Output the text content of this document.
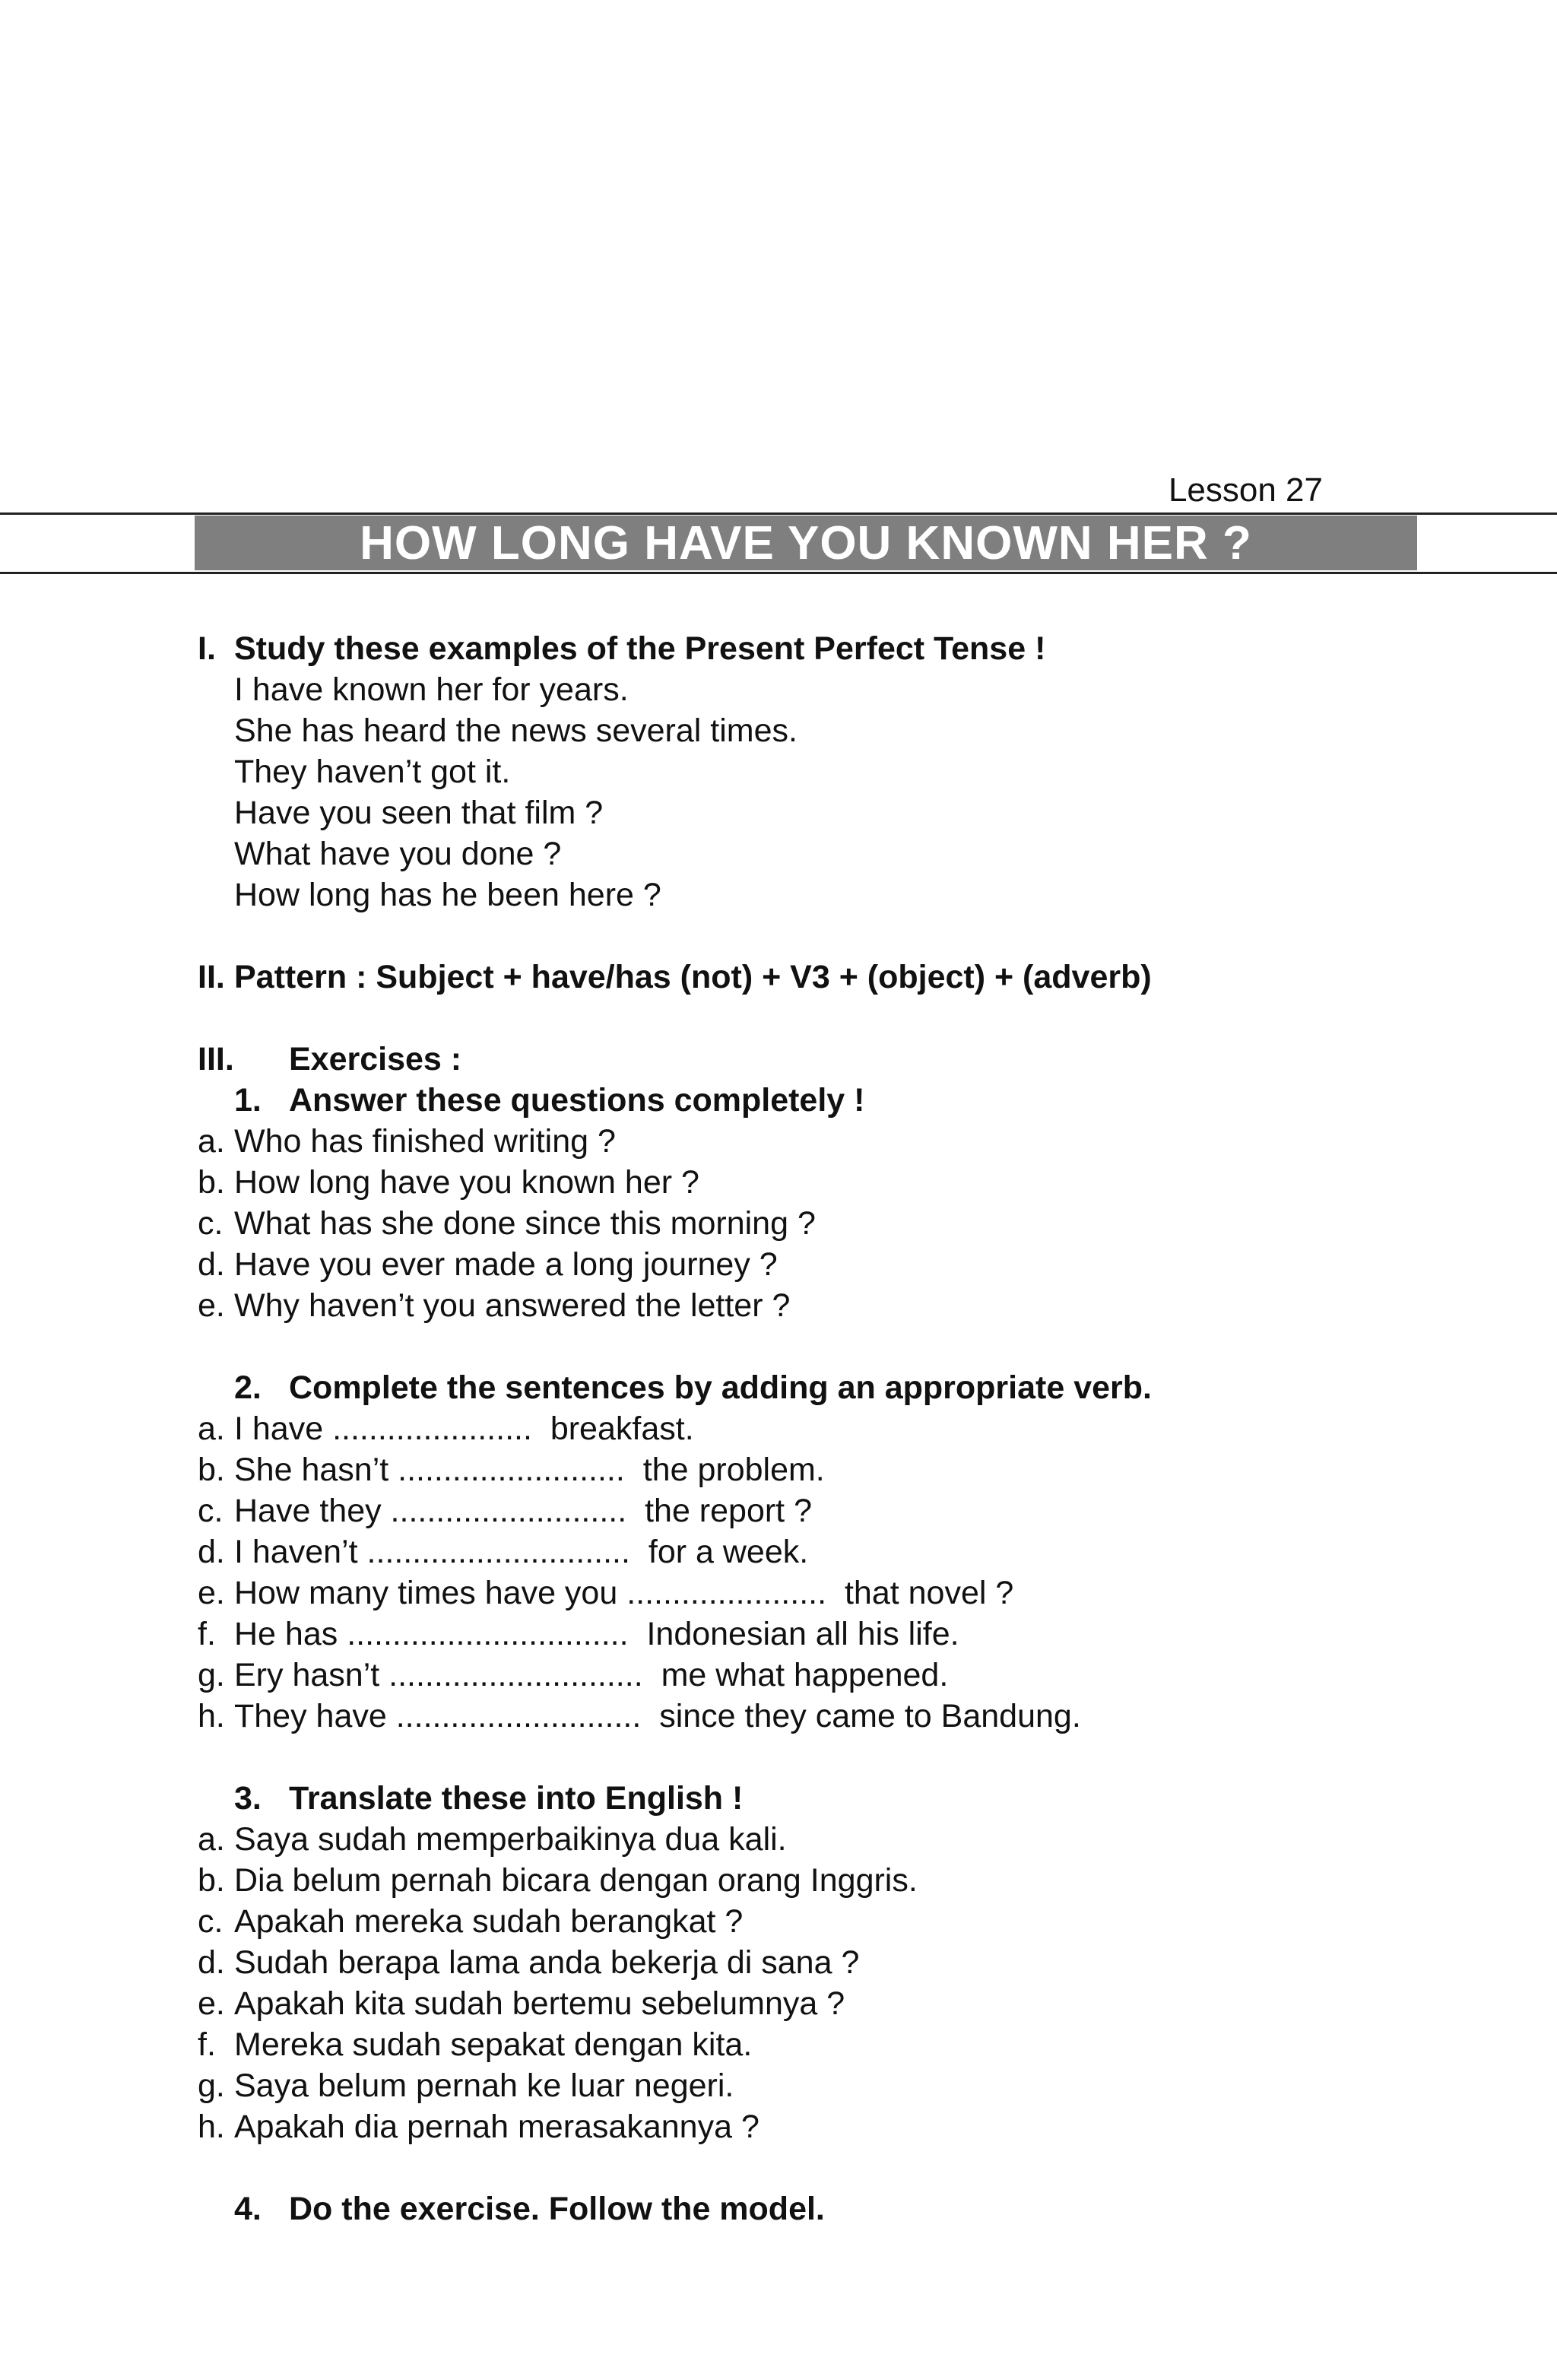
Lesson 27
HOW LONG HAVE YOU KNOWN HER ?
I. Study these examples of the Present Perfect Tense !
I have known her for years.
She has heard the news several times.
They haven’t got it.
Have you seen that film ?
What have you done ?
How long has he been here ?
II. Pattern : Subject + have/has (not) + V3 + (object) + (adverb)
III. Exercises :
1. Answer these questions completely !
a. Who has finished writing ?
b. How long have you known her ?
c. What has she done since this morning ?
d. Have you ever made a long journey ?
e. Why haven’t you answered the letter ?
2. Complete the sentences by adding an appropriate verb.
a. I have ...................... breakfast.
b. She hasn’t ......................... the problem.
c. Have they .......................... the report ?
d. I haven’t ............................. for a week.
e. How many times have you ...................... that novel ?
f. He has ............................... Indonesian all his life.
g. Ery hasn’t ............................ me what happened.
h. They have ........................... since they came to Bandung.
3. Translate these into English !
a. Saya sudah memperbaikinya dua kali.
b. Dia belum pernah bicara dengan orang Inggris.
c. Apakah mereka sudah berangkat ?
d. Sudah berapa lama anda bekerja di sana ?
e. Apakah kita sudah bertemu sebelumnya ?
f. Mereka sudah sepakat dengan kita.
g. Saya belum pernah ke luar negeri.
h. Apakah dia pernah merasakannya ?
4. Do the exercise. Follow the model.
